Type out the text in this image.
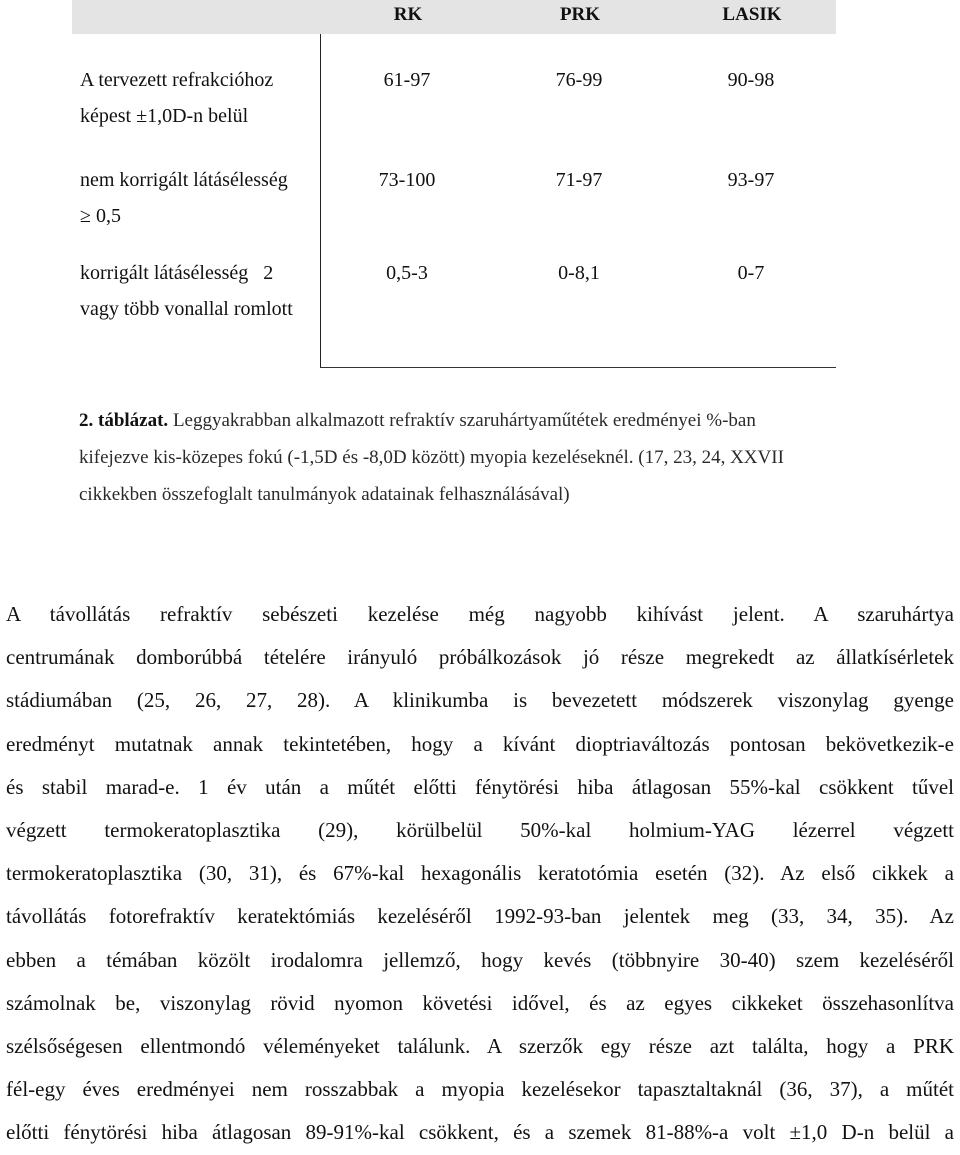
RK	PRK	LASIK
A tervezett refrakcióhoz
képest ±1,0D-n belül
61-97	76-99	90-98
nem korrigált látásélesség
≥ 0,5
73-100	71-97	93-97
korrigált látásélesség   2
vagy több vonallal romlott
0,5-3	0-8,1	0-7
2. táblázat. Leggyakrabban alkalmazott refraktív szaruhártyaműtétek eredményei %-ban
kifejezve kis-közepes fokú (-1,5D és -8,0D között) myopia kezeléseknél. (17, 23, 24, XXVII
cikkekben összefoglalt tanulmányok adatainak felhasználásával)
A távollátás refraktív sebészeti kezelése még nagyobb kihívást jelent. A szaruhártya
centrumának domborúbbá tételére irányuló próbálkozások jó része megrekedt az állatkísérletek
stádiumában (25, 26, 27, 28). A klinikumba is bevezetett módszerek viszonylag gyenge
eredményt mutatnak annak tekintetében, hogy a kívánt dioptriaváltozás pontosan bekövetkezik-e
és stabil marad-e. 1 év után a műtét előtti fénytörési hiba átlagosan 55%-kal csökkent tűvel
végzett termokeratoplasztika (29), körülbelül 50%-kal holmium-YAG lézerrel végzett
termokeratoplasztika (30, 31), és 67%-kal hexagonális keratotómia esetén (32). Az első cikkek a
távollátás fotorefraktív keratektómiás kezeléséről 1992-93-ban jelentek meg (33, 34, 35). Az
ebben a témában közölt irodalomra jellemző, hogy kevés (többnyire 30-40) szem kezeléséről
számolnak be, viszonylag rövid nyomon követési idővel, és az egyes cikkeket összehasonlítva
szélsőségesen ellentmondó véleményeket találunk. A szerzők egy része azt találta, hogy a PRK
fél-egy éves eredményei nem rosszabbak a myopia kezelésekor tapasztaltaknál (36, 37), a műtét
előtti fénytörési hiba átlagosan 89-91%-kal csökkent, és a szemek 81-88%-a volt ±1,0 D-n belül a
